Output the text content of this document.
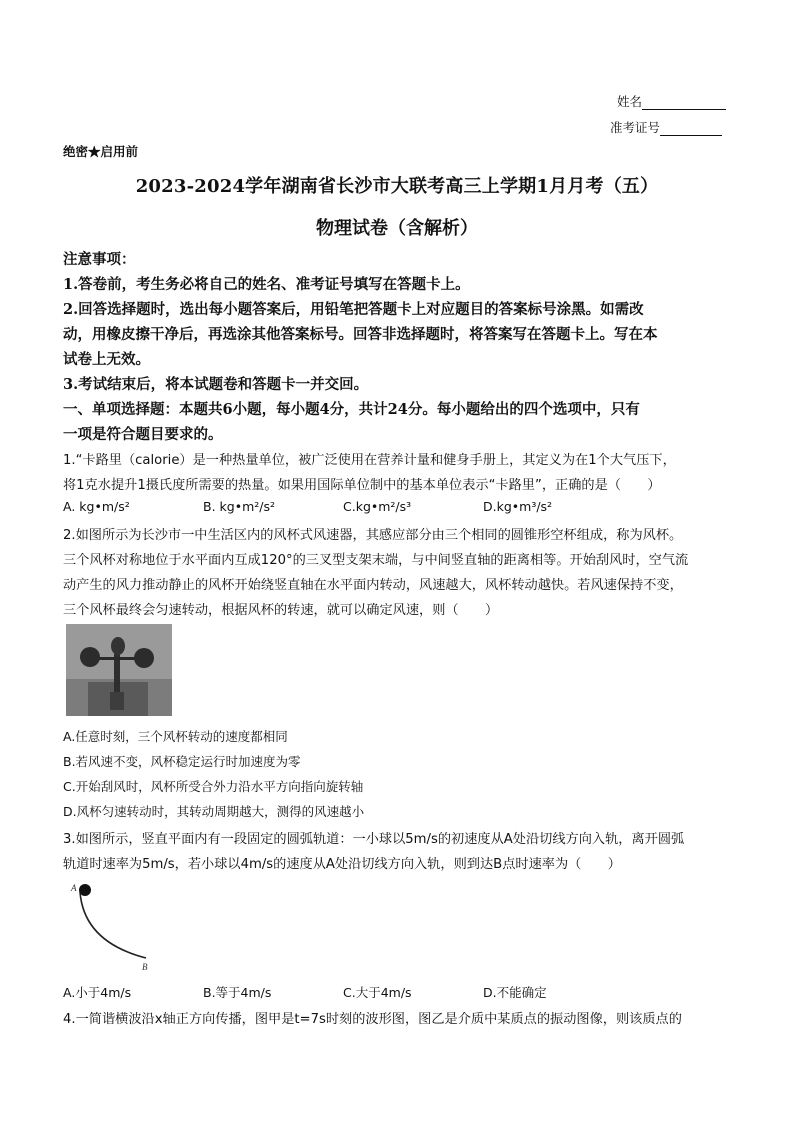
姓名
准考证号
绝密★启用前
2023-2024学年湖南省长沙市大联考高三上学期1月月考（五）
物理试卷（含解析）
注意事项：
1.答卷前，考生务必将自己的姓名、准考证号填写在答题卡上。
2.回答选择题时，选出每小题答案后，用铅笔把答题卡上对应题目的答案标号涂黑。如需改
动，用橡皮擦干净后，再选涂其他答案标号。回答非选择题时，将答案写在答题卡上。写在本
试卷上无效。
3.考试结束后，将本试题卷和答题卡一并交回。
一、单项选择题：本题共6小题，每小题4分，共计24分。每小题给出的四个选项中，只有
一项是符合题目要求的。
1.“卡路里（calorie）是一种热量单位，被广泛使用在营养计量和健身手册上，其定义为在1个大气压下，
将1克水提升1摄氏度所需要的热量。如果用国际单位制中的基本单位表示“卡路里”，正确的是（　　）
A. kg•m/s²	B. kg•m²/s²	C.kg•m²/s³	D.kg•m³/s²
2.如图所示为长沙市一中生活区内的风杯式风速器，其感应部分由三个相同的圆锥形空杯组成，称为风杯。
三个风杯对称地位于水平面内互成120°的三叉型支架末端，与中间竖直轴的距离相等。开始刮风时，空气流
动产生的风力推动静止的风杯开始绕竖直轴在水平面内转动，风速越大，风杯转动越快。若风速保持不变，
三个风杯最终会匀速转动，根据风杯的转速，就可以确定风速，则（　　）
A.任意时刻，三个风杯转动的速度都相同
B.若风速不变，风杯稳定运行时加速度为零
C.开始刮风时，风杯所受合外力沿水平方向指向旋转轴
D.风杯匀速转动时，其转动周期越大，测得的风速越小
3.如图所示，竖直平面内有一段固定的圆弧轨道：一小球以5m/s的初速度从A处沿切线方向入轨，离开圆弧
轨道时速率为5m/s，若小球以4m/s的速度从A处沿切线方向入轨，则到达B点时速率为（　　）
A
B
A.小于4m/s	B.等于4m/s	C.大于4m/s	D.不能确定
4.一简谐横波沿x轴正方向传播，图甲是t=7s时刻的波形图，图乙是介质中某质点的振动图像，则该质点的
